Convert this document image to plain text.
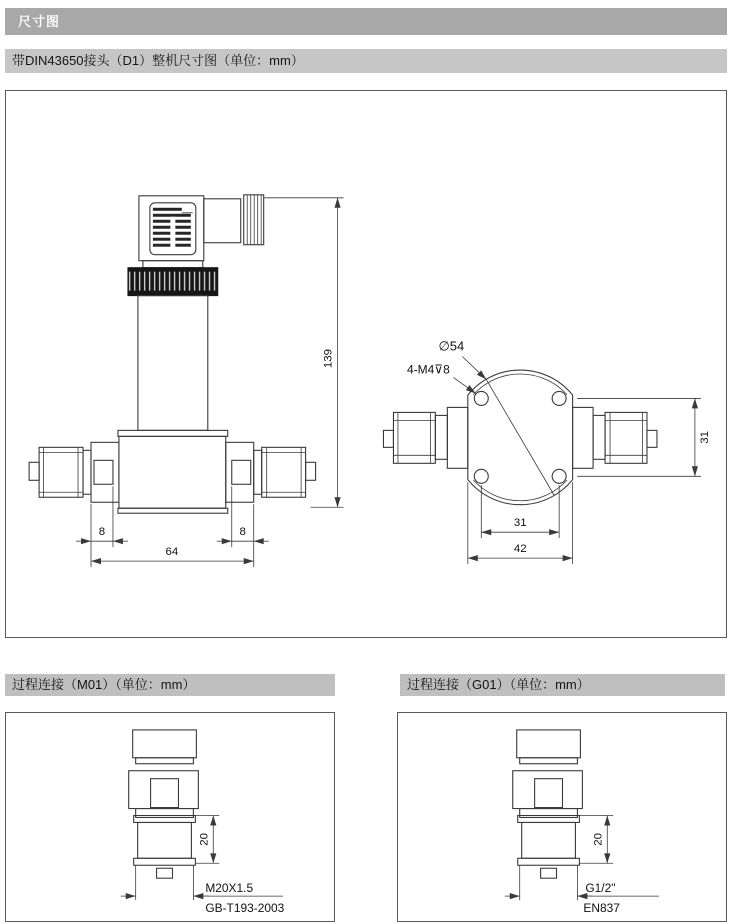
尺寸图
带DIN43650接头（D1）整机尺寸图（单位：mm）
139
8	8
64
∅54
4-M4⊽8
31
31
42
过程连接（M01）（单位：mm）	过程连接（G01）（单位：mm）
20
M20X1.5
GB-T193-2003
20
G1/2"
EN837
